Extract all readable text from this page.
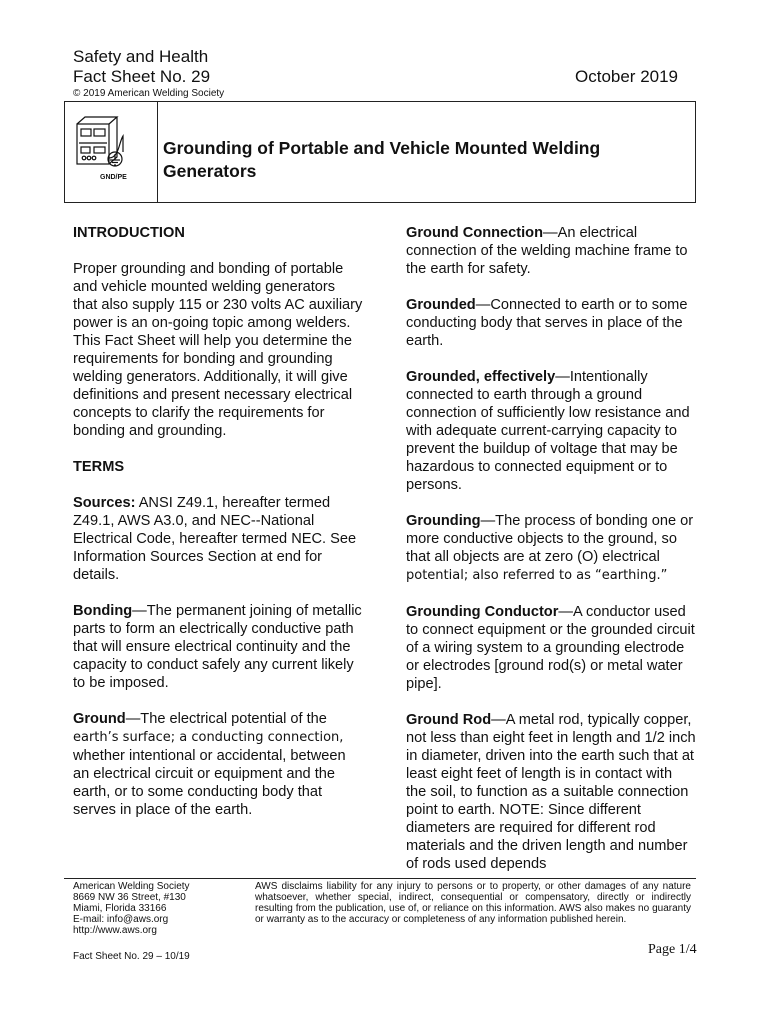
Safety and Health
Fact Sheet No. 29
© 2019 American Welding Society
October 2019
GND/PE
Grounding of Portable and Vehicle Mounted Welding
Generators
INTRODUCTION

Proper grounding and bonding of portable and vehicle mounted welding generators that also supply 115 or 230 volts AC auxiliary power is an on-going topic among welders. This Fact Sheet will help you determine the requirements for bonding and grounding welding generators. Additionally, it will give definitions and present necessary electrical concepts to clarify the requirements for bonding and grounding.

TERMS

Sources: ANSI Z49.1, hereafter termed Z49.1, AWS A3.0, and NEC--National Electrical Code, hereafter termed NEC. See Information Sources Section at end for details.

Bonding—The permanent joining of metallic parts to form an electrically conductive path that will ensure electrical continuity and the capacity to conduct safely any current likely to be imposed.

Ground—The electrical potential of the earth’s surface; a conducting connection, whether intentional or accidental, between an electrical circuit or equipment and the earth, or to some conducting body that serves in place of the earth.

Ground Connection—An electrical connection of the welding machine frame to the earth for safety.

Grounded—Connected to earth or to some conducting body that serves in place of the earth.

Grounded, effectively—Intentionally connected to earth through a ground connection of sufficiently low resistance and with adequate current-carrying capacity to prevent the buildup of voltage that may be hazardous to connected equipment or to persons.

Grounding—The process of bonding one or more conductive objects to the ground, so that all objects are at zero (O) electrical potential; also referred to as “earthing.”

Grounding Conductor—A conductor used to connect equipment or the grounded circuit of a wiring system to a grounding electrode or electrodes [ground rod(s) or metal water pipe].

Ground Rod—A metal rod, typically copper, not less than eight feet in length and 1/2 inch in diameter, driven into the earth such that at least eight feet of length is in contact with the soil, to function as a suitable connection point to earth. NOTE: Since different diameters are required for different rod materials and the driven length and number of rods used depends

American Welding Society
8669 NW 36 Street, #130
Miami, Florida 33166
E-mail: info@aws.org
http://www.aws.org
AWS disclaims liability for any injury to persons or to property, or other damages of any nature whatsoever, whether special, indirect, consequential or compensatory, directly or indirectly resulting from the publication, use of, or reliance on this information. AWS also makes no guaranty or warranty as to the accuracy or completeness of any information published herein.
Fact Sheet No. 29 – 10/19	Page 1/4
